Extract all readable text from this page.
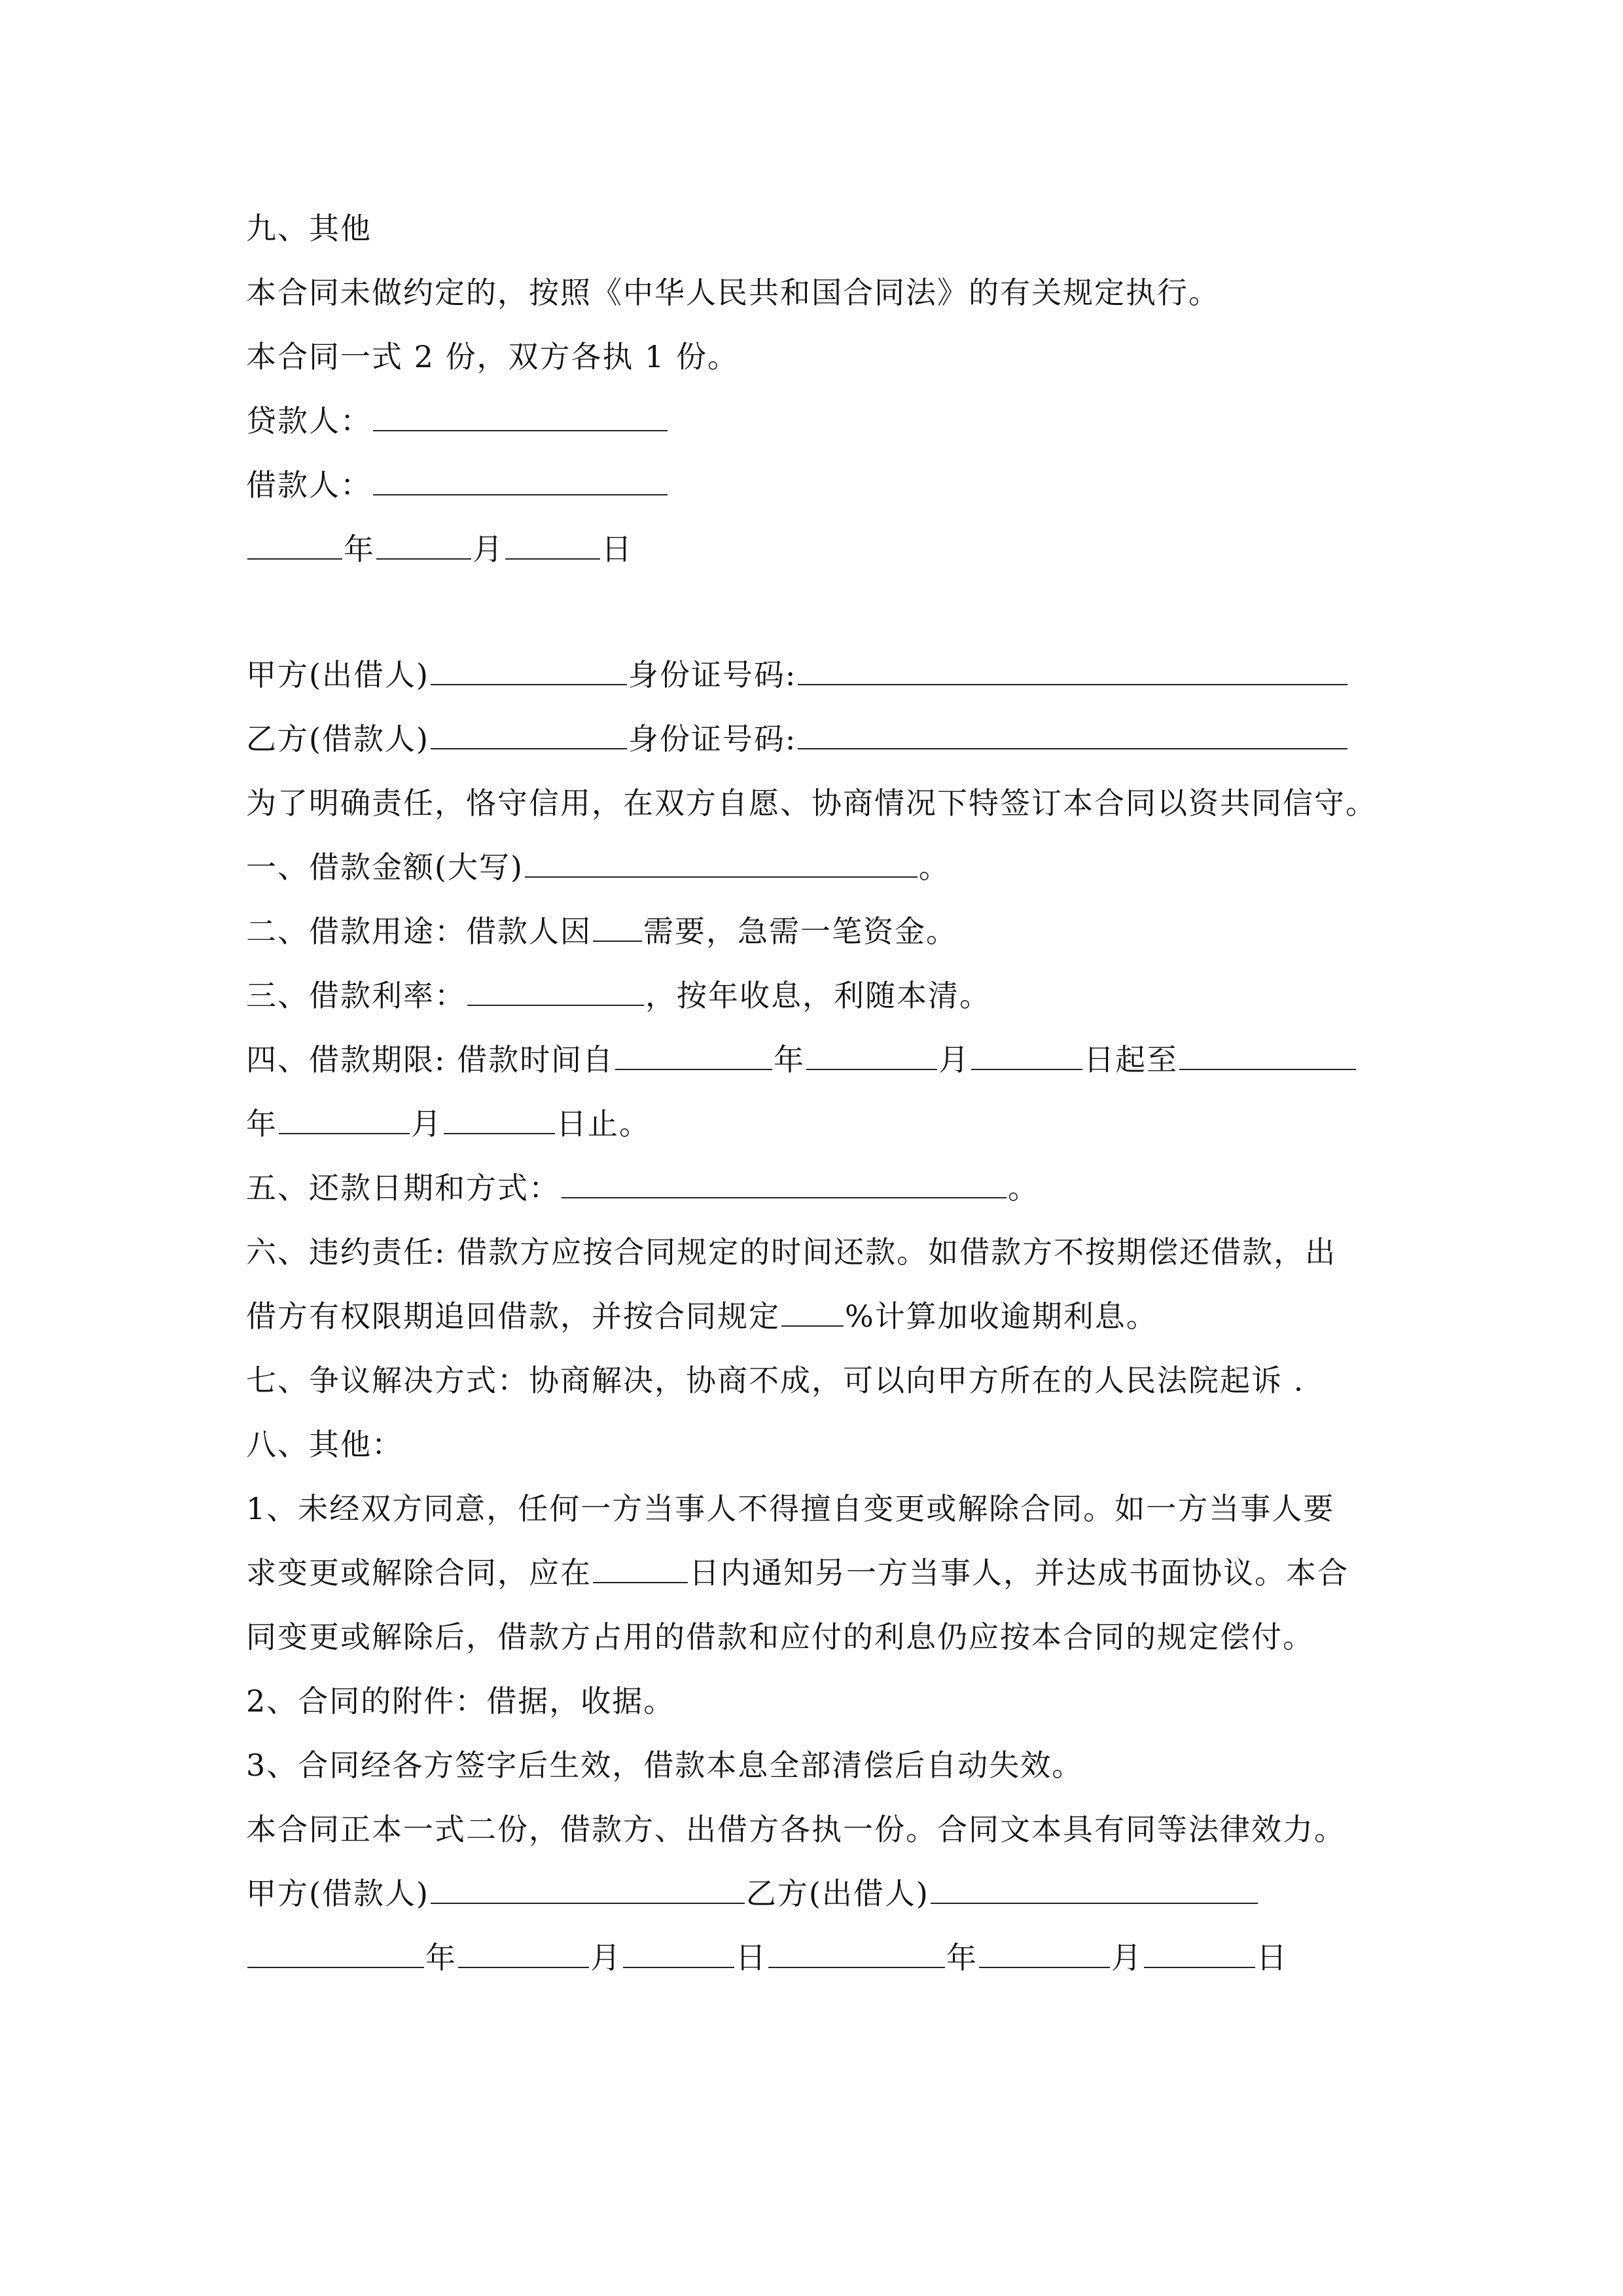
九、其他
本合同未做约定的，按照《中华人民共和国合同法》的有关规定执行。
本合同一式 2 份，双方各执 1 份。
贷款人：
借款人：
年	月	日
甲方(出借人)	身份证号码:
乙方(借款人)	身份证号码:
为了明确责任，恪守信用，在双方自愿、协商情况下特签订本合同以资共同信守。
一、借款金额(大写)	。
二、借款用途：借款人因 需要，急需一笔资金。
三、借款利率：	，按年收息，利随本清。
四、借款期限: 借款时间自	年	月	日起至
年	月	日止。
五、还款日期和方式：	。
六、违约责任: 借款方应按合同规定的时间还款。如借款方不按期偿还借款，出
借方有权限期追回借款，并按合同规定 %计算加收逾期利息。
七、争议解决方式：协商解决，协商不成，可以向甲方所在的人民法院起诉 .
八、其他：
1、未经双方同意，任何一方当事人不得擅自变更或解除合同。如一方当事人要
求变更或解除合同，应在	日内通知另一方当事人，并达成书面协议。本合
同变更或解除后，借款方占用的借款和应付的利息仍应按本合同的规定偿付。
2、合同的附件：借据，收据。
3、合同经各方签字后生效，借款本息全部清偿后自动失效。
本合同正本一式二份，借款方、出借方各执一份。合同文本具有同等法律效力。
甲方(借款人)	乙方(出借人)
年	月	日	年	月	日
